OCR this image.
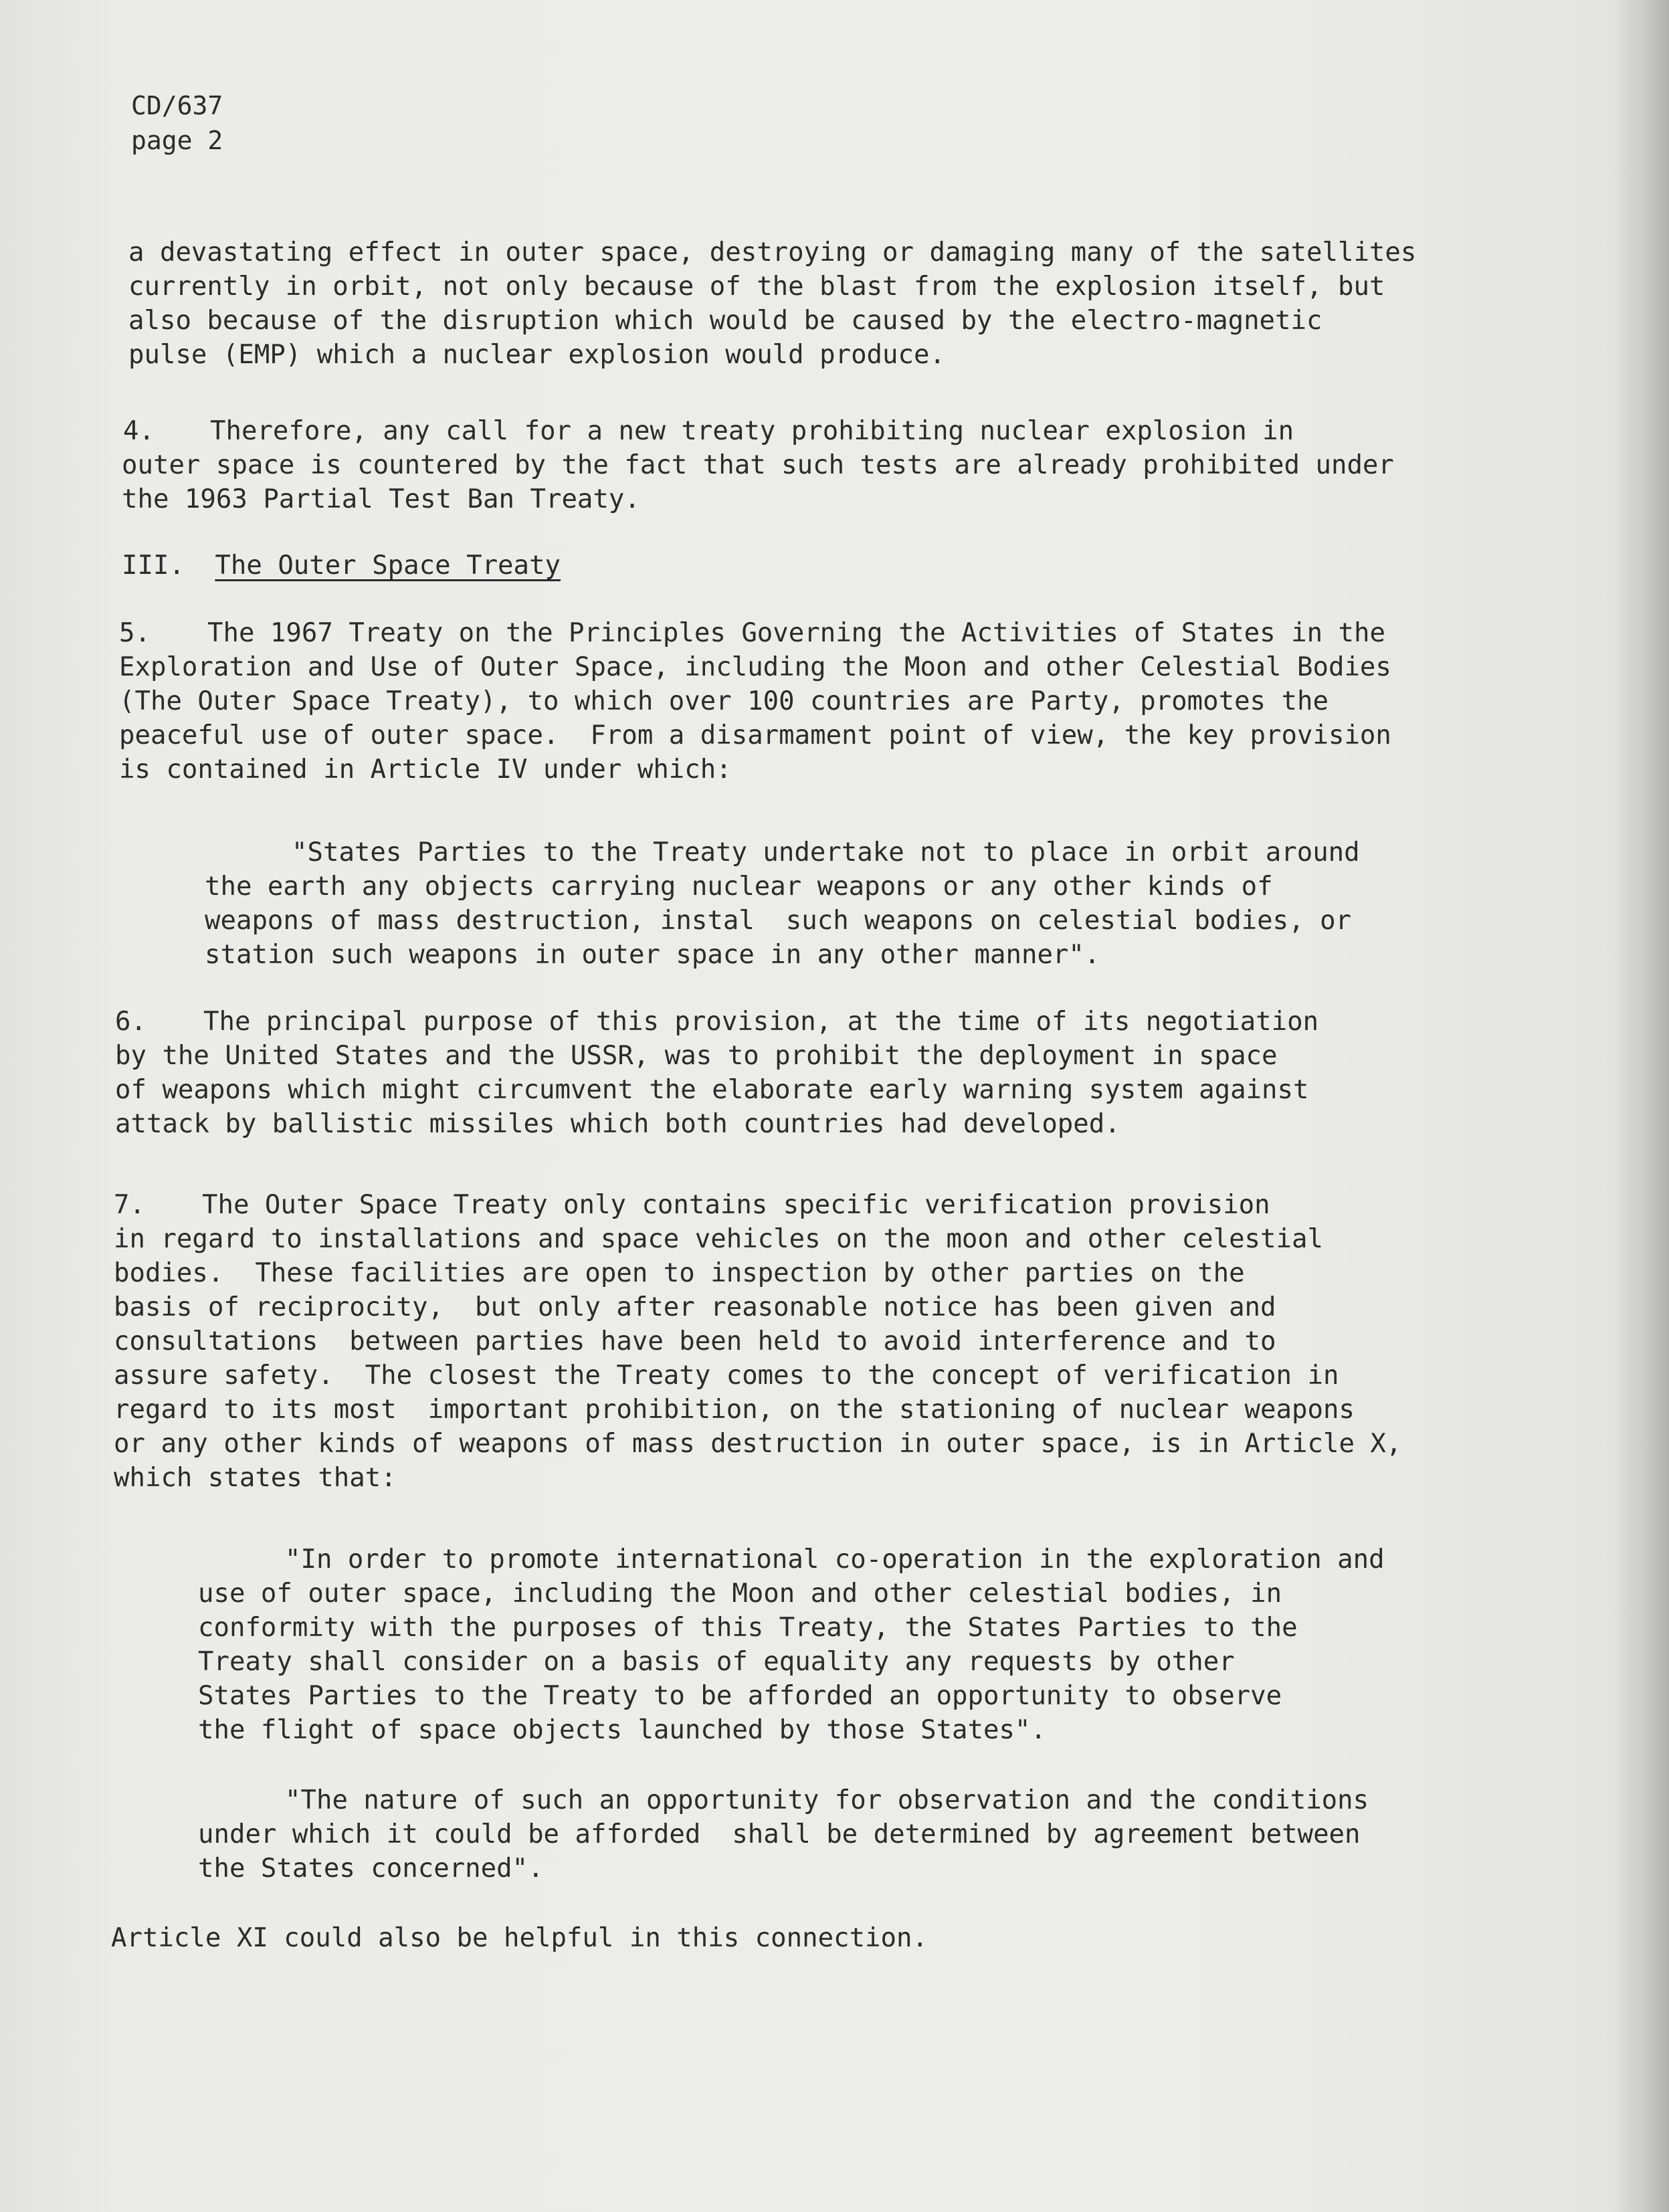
CD/637
page 2

a devastating effect in outer space, destroying or damaging many of the satellites
currently in orbit, not only because of the blast from the explosion itself, but
also because of the disruption which would be caused by the electro-magnetic
pulse (EMP) which a nuclear explosion would produce.

4.	Therefore, any call for a new treaty prohibiting nuclear explosion in
outer space is countered by the fact that such tests are already prohibited under
the 1963 Partial Test Ban Treaty.

III. The Outer Space Treaty
5.	The 1967 Treaty on the Principles Governing the Activities of States in the
Exploration and Use of Outer Space, including the Moon and other Celestial Bodies
(The Outer Space Treaty), to which over 100 countries are Party, promotes the
peaceful use of outer space.  From a disarmament point of view, the key provision
is contained in Article IV under which:

"States Parties to the Treaty undertake not to place in orbit around
the earth any objects carrying nuclear weapons or any other kinds of
weapons of mass destruction, instal  such weapons on celestial bodies, or
station such weapons in outer space in any other manner".

6.	The principal purpose of this provision, at the time of its negotiation
by the United States and the USSR, was to prohibit the deployment in space
of weapons which might circumvent the elaborate early warning system against
attack by ballistic missiles which both countries had developed.

7.	The Outer Space Treaty only contains specific verification provision
in regard to installations and space vehicles on the moon and other celestial
bodies.  These facilities are open to inspection by other parties on the
basis of reciprocity,  but only after reasonable notice has been given and
consultations  between parties have been held to avoid interference and to
assure safety.  The closest the Treaty comes to the concept of verification in
regard to its most  important prohibition, on the stationing of nuclear weapons
or any other kinds of weapons of mass destruction in outer space, is in Article X,
which states that:

"In order to promote international co-operation in the exploration and
use of outer space, including the Moon and other celestial bodies, in
conformity with the purposes of this Treaty, the States Parties to the
Treaty shall consider on a basis of equality any requests by other
States Parties to the Treaty to be afforded an opportunity to observe
the flight of space objects launched by those States".

"The nature of such an opportunity for observation and the conditions
under which it could be afforded  shall be determined by agreement between
the States concerned".

Article XI could also be helpful in this connection.
